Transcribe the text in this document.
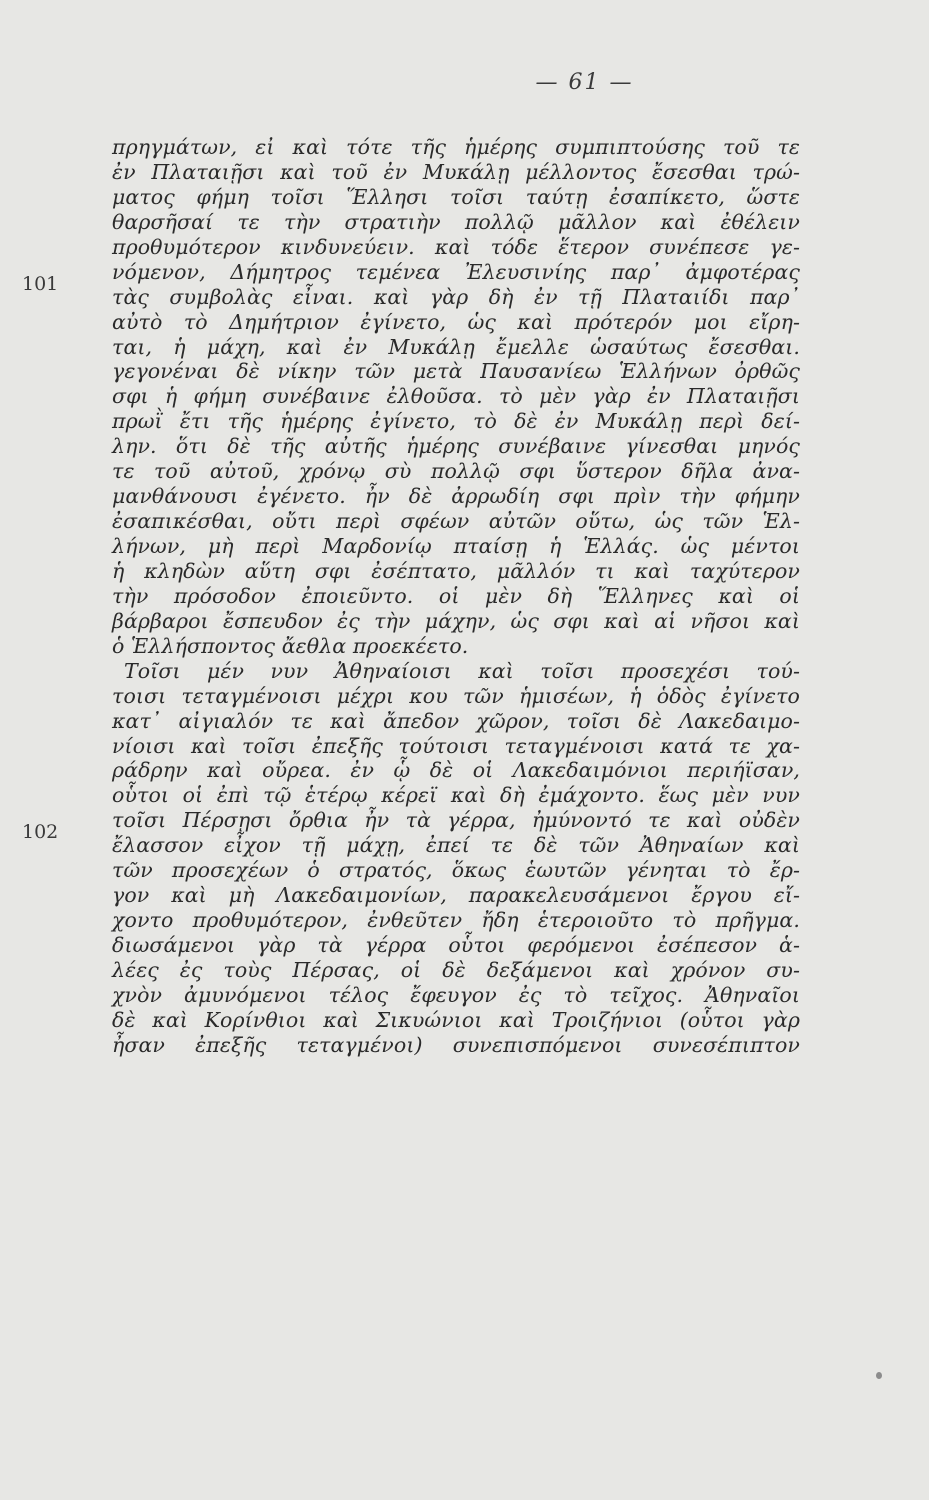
— 61 —
101
102
πρηγμάτων, εἰ καὶ τότε τῆς ἡμέρης συμπιπτούσης τοῦ τε
ἐν Πλαταιῇσι καὶ τοῦ ἐν Μυκάλῃ μέλλοντος ἔσεσθαι τρώ-
ματος φήμη τοῖσι Ἕλλησι τοῖσι ταύτῃ ἐσαπίκετο, ὥστε
θαρσῆσαί τε τὴν στρατιὴν πολλῷ μᾶλλον καὶ ἐθέλειν
προθυμότερον κινδυνεύειν. καὶ τόδε ἕτερον συνέπεσε γε-
νόμενον, Δήμητρος τεμένεα Ἐλευσινίης παρ᾽ ἀμφοτέρας
τὰς συμβολὰς εἶναι. καὶ γὰρ δὴ ἐν τῇ Πλαταιίδι παρ᾽
αὐτὸ τὸ Δημήτριον ἐγίνετο, ὡς καὶ πρότερόν μοι εἴρη-
ται, ἡ μάχη, καὶ ἐν Μυκάλῃ ἔμελλε ὡσαύτως ἔσεσθαι.
γεγονέναι δὲ νίκην τῶν μετὰ Παυσανίεω Ἑλλήνων ὀρθῶς
σφι ἡ φήμη συνέβαινε ἐλθοῦσα. τὸ μὲν γὰρ ἐν Πλαταιῇσι
πρωῒ ἔτι τῆς ἡμέρης ἐγίνετο, τὸ δὲ ἐν Μυκάλῃ περὶ δεί-
λην. ὅτι δὲ τῆς αὐτῆς ἡμέρης συνέβαινε γίνεσθαι μηνός
τε τοῦ αὐτοῦ, χρόνῳ σὺ πολλῷ σφι ὕστερον δῆλα ἀνα-
μανθάνουσι ἐγένετο. ἦν δὲ ἀρρωδίη σφι πρὶν τὴν φήμην
ἐσαπικέσθαι, οὔτι περὶ σφέων αὐτῶν οὕτω, ὡς τῶν Ἑλ-
λήνων, μὴ περὶ Μαρδονίῳ πταίσῃ ἡ Ἑλλάς. ὡς μέντοι
ἡ κληδὼν αὕτη σφι ἐσέπτατο, μᾶλλόν τι καὶ ταχύτερον
τὴν πρόσοδον ἐποιεῦντο. οἱ μὲν δὴ Ἕλληνες καὶ οἱ
βάρβαροι ἔσπευδον ἐς τὴν μάχην, ὡς σφι καὶ αἱ νῆσοι καὶ
ὁ Ἑλλήσποντος ἄεθλα προεκέετο.
Τοῖσι μέν νυν Ἀθηναίοισι καὶ τοῖσι προσεχέσι τού-
τοισι τεταγμένοισι μέχρι κου τῶν ἡμισέων, ἡ ὁδὸς ἐγίνετο
κατ᾽ αἰγιαλόν τε καὶ ἄπεδον χῶρον, τοῖσι δὲ Λακεδαιμο-
νίοισι καὶ τοῖσι ἐπεξῆς τούτοισι τεταγμένοισι κατά τε χα-
ράδρην καὶ οὔρεα. ἐν ᾧ δὲ οἱ Λακεδαιμόνιοι περιήϊσαν,
οὗτοι οἱ ἐπὶ τῷ ἑτέρῳ κέρεϊ καὶ δὴ ἐμάχοντο. ἕως μὲν νυν
τοῖσι Πέρσῃσι ὄρθια ἦν τὰ γέρρα, ἠμύνοντό τε καὶ οὐδὲν
ἔλασσον εἶχον τῇ μάχῃ, ἐπεί τε δὲ τῶν Ἀθηναίων καὶ
τῶν προσεχέων ὁ στρατός, ὅκως ἑωυτῶν γένηται τὸ ἔρ-
γον καὶ μὴ Λακεδαιμονίων, παρακελευσάμενοι ἔργου εἴ-
χοντο προθυμότερον, ἐνθεῦτεν ἤδη ἑτεροιοῦτο τὸ πρῆγμα.
διωσάμενοι γὰρ τὰ γέρρα οὗτοι φερόμενοι ἐσέπεσον ἁ-
λέες ἐς τοὺς Πέρσας, οἱ δὲ δεξάμενοι καὶ χρόνον συ-
χνὸν ἀμυνόμενοι τέλος ἔφευγον ἐς τὸ τεῖχος. Ἀθηναῖοι
δὲ καὶ Κορίνθιοι καὶ Σικυώνιοι καὶ Τροιζήνιοι (οὗτοι γὰρ
ἦσαν ἐπεξῆς τεταγμένοι) συνεπισπόμενοι συνεσέπιπτον
